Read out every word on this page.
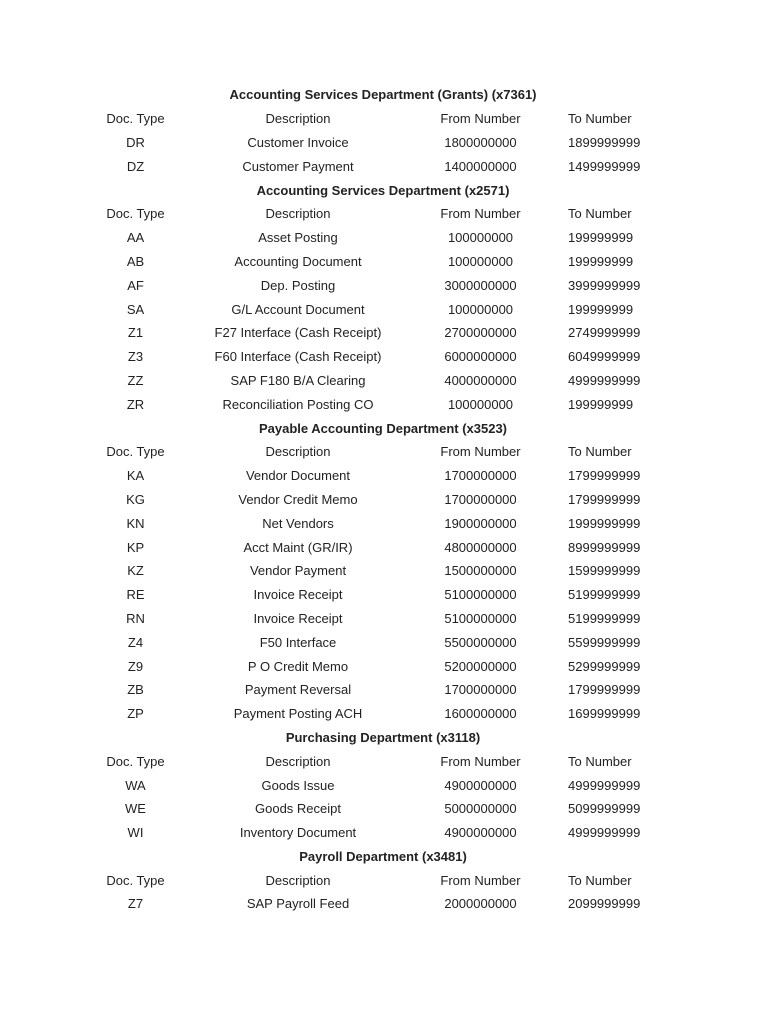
Accounting Services Department (Grants) (x7361)
Doc. Type	Description	From Number	To Number
DR	Customer Invoice	1800000000	1899999999
DZ	Customer Payment	1400000000	1499999999
Accounting Services Department (x2571)
Doc. Type	Description	From Number	To Number
AA	Asset Posting	100000000	199999999
AB	Accounting Document	100000000	199999999
AF	Dep. Posting	3000000000	3999999999
SA	G/L Account Document	100000000	199999999
Z1	F27 Interface (Cash Receipt)	2700000000	2749999999
Z3	F60 Interface (Cash Receipt)	6000000000	6049999999
ZZ	SAP F180 B/A Clearing	4000000000	4999999999
ZR	Reconciliation Posting CO	100000000	199999999
Payable Accounting Department (x3523)
Doc. Type	Description	From Number	To Number
KA	Vendor Document	1700000000	1799999999
KG	Vendor Credit Memo	1700000000	1799999999
KN	Net Vendors	1900000000	1999999999
KP	Acct Maint (GR/IR)	4800000000	8999999999
KZ	Vendor Payment	1500000000	1599999999
RE	Invoice Receipt	5100000000	5199999999
RN	Invoice Receipt	5100000000	5199999999
Z4	F50 Interface	5500000000	5599999999
Z9	P O Credit Memo	5200000000	5299999999
ZB	Payment Reversal	1700000000	1799999999
ZP	Payment Posting ACH	1600000000	1699999999
Purchasing Department (x3118)
Doc. Type	Description	From Number	To Number
WA	Goods Issue	4900000000	4999999999
WE	Goods Receipt	5000000000	5099999999
WI	Inventory Document	4900000000	4999999999
Payroll Department (x3481)
Doc. Type	Description	From Number	To Number
Z7	SAP Payroll Feed	2000000000	2099999999
